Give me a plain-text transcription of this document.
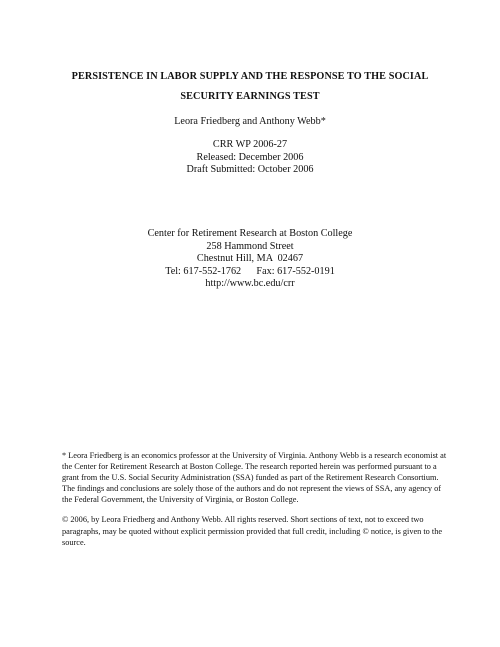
PERSISTENCE IN LABOR SUPPLY AND THE RESPONSE TO THE SOCIAL
SECURITY EARNINGS TEST
Leora Friedberg and Anthony Webb*
CRR WP 2006-27
Released: December 2006
Draft Submitted: October 2006
Center for Retirement Research at Boston College
258 Hammond Street
Chestnut Hill, MA  02467
Tel: 617-552-1762      Fax: 617-552-0191
http://www.bc.edu/crr

* Leora Friedberg is an economics professor at the University of Virginia. Anthony Webb is a research economist at the Center for Retirement Research at Boston College. The research reported herein was performed pursuant to a grant from the U.S. Social Security Administration (SSA) funded as part of the Retirement Research Consortium. The findings and conclusions are solely those of the authors and do not represent the views of SSA, any agency of the Federal Government, the University of Virginia, or Boston College.

© 2006, by Leora Friedberg and Anthony Webb. All rights reserved. Short sections of text, not to exceed two paragraphs, may be quoted without explicit permission provided that full credit, including © notice, is given to the source.
